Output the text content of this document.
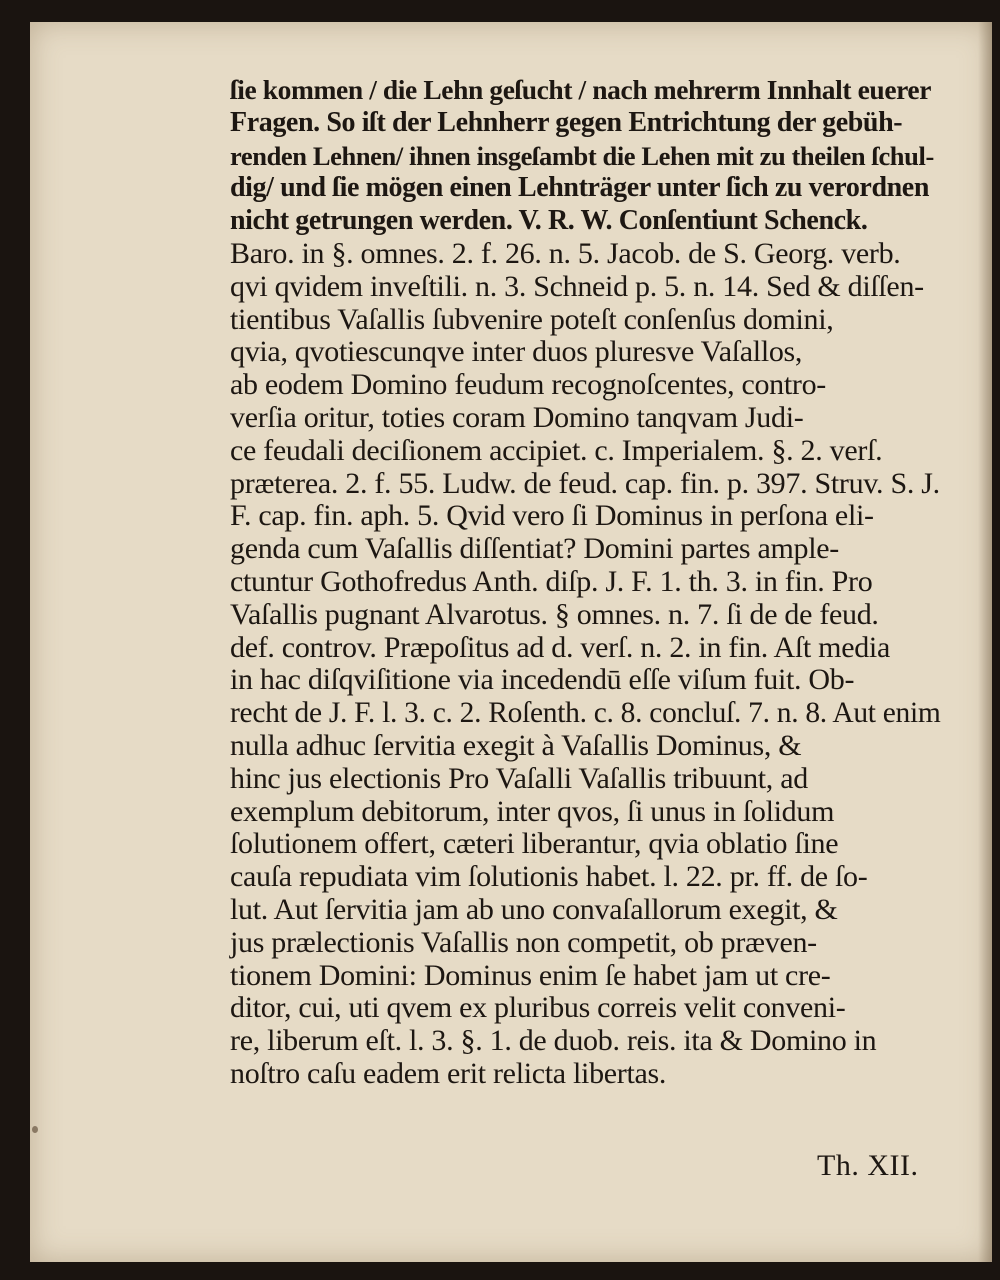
ſie kommen / die Lehn geſucht / nach mehrerm Innhalt euerer
Fragen. So iſt der Lehnherr gegen Entrichtung der gebüh-
renden Lehnen/ ihnen insgeſambt die Lehen mit zu theilen ſchul-
dig/ und ſie mögen einen Lehnträger unter ſich zu verordnen
nicht getrungen werden. V. R. W. Conſentiunt Schenck.
Baro. in §. omnes. 2. f. 26. n. 5. Jacob. de S. Georg. verb.
qvi qvidem inveſtili. n. 3. Schneid p. 5. n. 14. Sed & diſſen-
tientibus Vaſallis ſubvenire poteſt conſenſus domini,
qvia, qvotiescunqve inter duos pluresve Vaſallos,
ab eodem Domino feudum recognoſcentes, contro-
verſia oritur, toties coram Domino tanqvam Judi-
ce feudali deciſionem accipiet. c. Imperialem. §. 2. verſ.
præterea. 2. f. 55. Ludw. de feud. cap. fin. p. 397. Struv. S. J.
F. cap. fin. aph. 5. Qvid vero ſi Dominus in perſona eli-
genda cum Vaſallis diſſentiat? Domini partes ample-
ctuntur Gothofredus Anth. diſp. J. F. 1. th. 3. in fin. Pro
Vaſallis pugnant Alvarotus. § omnes. n. 7. ſi de de feud.
def. controv. Præpoſitus ad d. verſ. n. 2. in fin. Aſt media
in hac diſqviſitione via incedendū eſſe viſum fuit. Ob-
recht de J. F. l. 3. c. 2. Roſenth. c. 8. concluſ. 7. n. 8. Aut enim
nulla adhuc ſervitia exegit à Vaſallis Dominus, &
hinc jus electionis Pro Vaſalli Vaſallis tribuunt, ad
exemplum debitorum, inter qvos, ſi unus in ſolidum
ſolutionem offert, cæteri liberantur, qvia oblatio ſine
cauſa repudiata vim ſolutionis habet. l. 22. pr. ff. de ſo-
lut. Aut ſervitia jam ab uno convaſallorum exegit, &
jus prælectionis Vaſallis non competit, ob præven-
tionem Domini: Dominus enim ſe habet jam ut cre-
ditor, cui, uti qvem ex pluribus correis velit conveni-
re, liberum eſt. l. 3. §. 1. de duob. reis. ita & Domino in
noſtro caſu eadem erit relicta libertas.
Th. XII.
